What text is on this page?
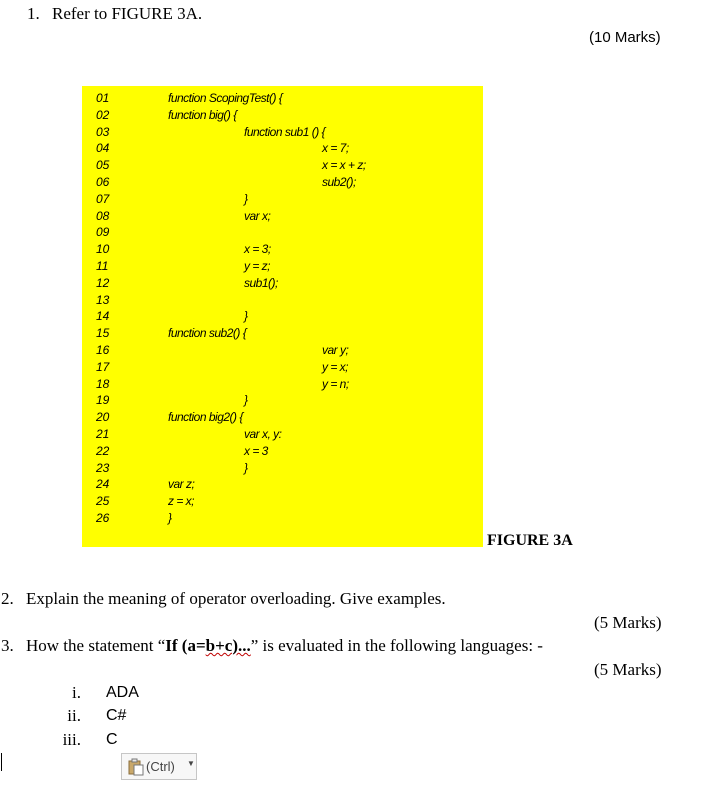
1. Refer to FIGURE 3A.
(10 Marks)
01	function ScopingTest() {
02	function big() {
03	function sub1 () {
04	x = 7;
05	x = x + z;
06	sub2();
07	}
08	var x;
09
10	x = 3;
11	y = z;
12	sub1();
13
14	}
15	function sub2() {
16	var y;
17	y = x;
18	y = n;
19	}
20	function big2() {
21	var x, y:
22	x = 3
23	}
24	var z;
25	z = x;
26	}
FIGURE 3A
2. Explain the meaning of operator overloading. Give examples.
(5 Marks)
3. How the statement “If (a=b+c)...” is evaluated in the following languages: -
(5 Marks)
i. ADA
ii. C#
iii. C
(Ctrl) ▼
